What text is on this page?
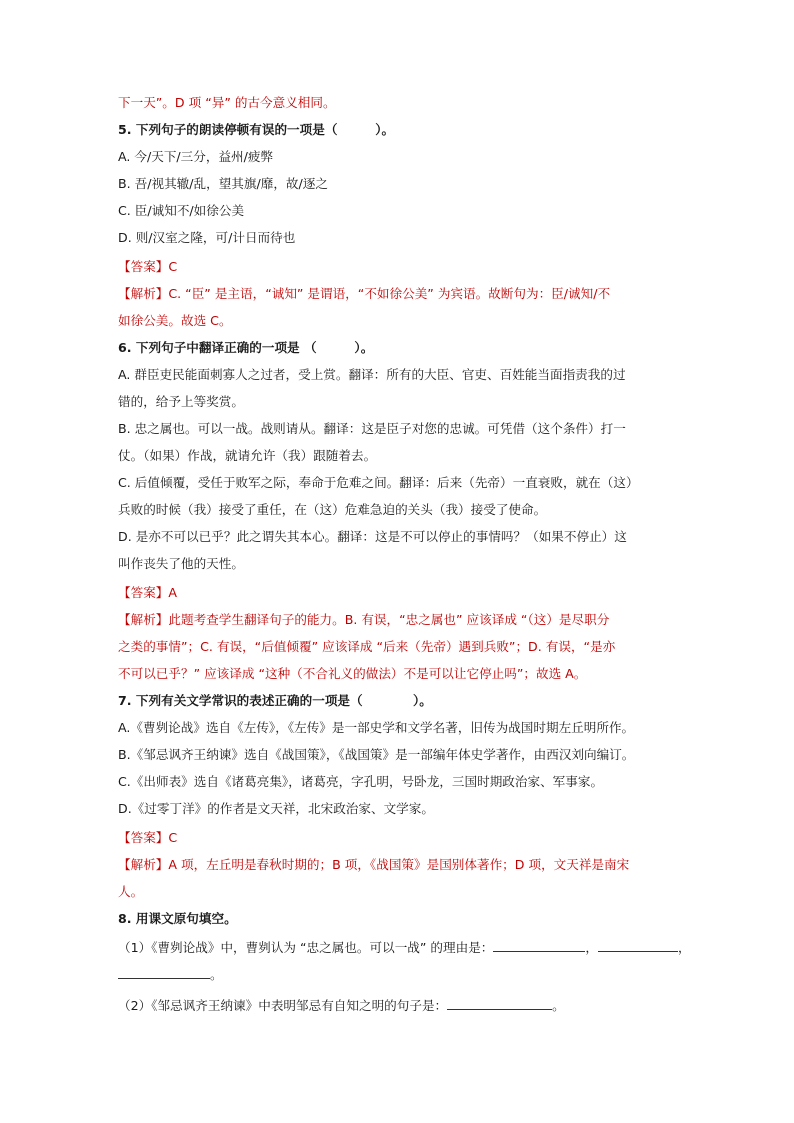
下一天”。D 项 “异” 的古今意义相同。
5. 下列句子的朗读停顿有误的一项是（　　　）。
A. 今/天下/三分，益州/疲弊
B. 吾/视其辙/乱，望其旗/靡，故/逐之
C. 臣/诚知不/如徐公美
D. 则/汉室之隆，可/计日而待也
【答案】C
【解析】C. “臣” 是主语，“诚知” 是谓语，“不如徐公美” 为宾语。故断句为：臣/诚知/不
如徐公美。故选 C。
6. 下列句子中翻译正确的一项是 （　　　）。
A. 群臣吏民能面刺寡人之过者，受上赏。翻译：所有的大臣、官吏、百姓能当面指责我的过
错的，给予上等奖赏。
B. 忠之属也。可以一战。战则请从。翻译：这是臣子对您的忠诚。可凭借（这个条件）打一
仗。（如果）作战，就请允许（我）跟随着去。
C. 后值倾覆，受任于败军之际，奉命于危难之间。翻译：后来（先帝）一直衰败，就在（这）
兵败的时候（我）接受了重任，在（这）危难急迫的关头（我）接受了使命。
D. 是亦不可以已乎？此之谓失其本心。翻译：这是不可以停止的事情吗？（如果不停止）这
叫作丧失了他的天性。
【答案】A
【解析】此题考查学生翻译句子的能力。B. 有误，“忠之属也” 应该译成 “（这）是尽职分
之类的事情”；C. 有误，“后值倾覆” 应该译成 “后来（先帝）遇到兵败”；D. 有误，“是亦
不可以已乎？” 应该译成 “这种（不合礼义的做法）不是可以让它停止吗”；故选 A。
7. 下列有关文学常识的表述正确的一项是（　　　　）。
A.《曹刿论战》选自《左传》，《左传》是一部史学和文学名著，旧传为战国时期左丘明所作。
B.《邹忌讽齐王纳谏》选自《战国策》，《战国策》是一部编年体史学著作，由西汉刘向编订。
C.《出师表》选自《诸葛亮集》，诸葛亮，字孔明，号卧龙，三国时期政治家、军事家。
D.《过零丁洋》的作者是文天祥，北宋政治家、文学家。
【答案】C
【解析】A 项，左丘明是春秋时期的；B 项，《战国策》是国别体著作；D 项，文天祥是南宋
人。
8. 用课文原句填空。
（1）《曹刿论战》中，曹刿认为 “忠之属也。可以一战” 的理由是：	，	，
。
（2）《邹忌讽齐王纳谏》中表明邹忌有自知之明的句子是：	。
